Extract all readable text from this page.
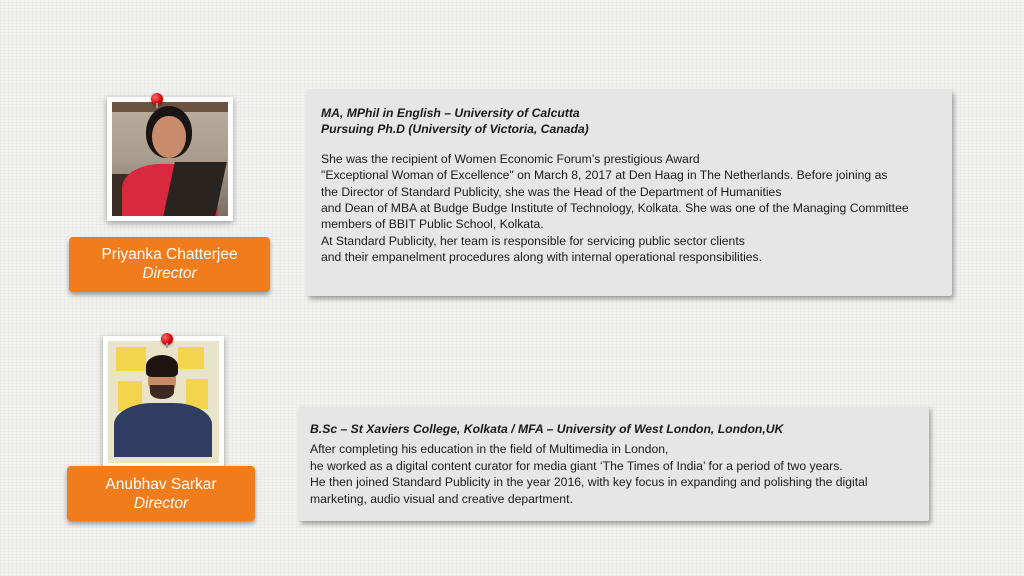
Priyanka Chatterjee
Director
MA, MPhil in English – University of Calcutta
Pursuing Ph.D (University of Victoria, Canada)
She was the recipient of Women Economic Forum’s prestigious Award
"Exceptional Woman of Excellence" on March 8, 2017 at Den Haag in The Netherlands. Before joining as
the Director of Standard Publicity, she was the Head of the Department of Humanities
and Dean of MBA at Budge Budge Institute of Technology, Kolkata. She was one of the Managing Committee
members of BBIT Public School, Kolkata.
At Standard Publicity, her team is responsible for servicing public sector clients
and their empanelment procedures along with internal operational responsibilities.
Anubhav Sarkar
Director
B.Sc – St Xaviers College, Kolkata / MFA – University of West London, London,UK
After completing his education in the field of Multimedia in London,
he worked as a digital content curator for media giant ‘The Times of India’ for a period of two years.
He then joined Standard Publicity in the year 2016, with key focus in expanding and polishing the digital
marketing, audio visual and creative department.
